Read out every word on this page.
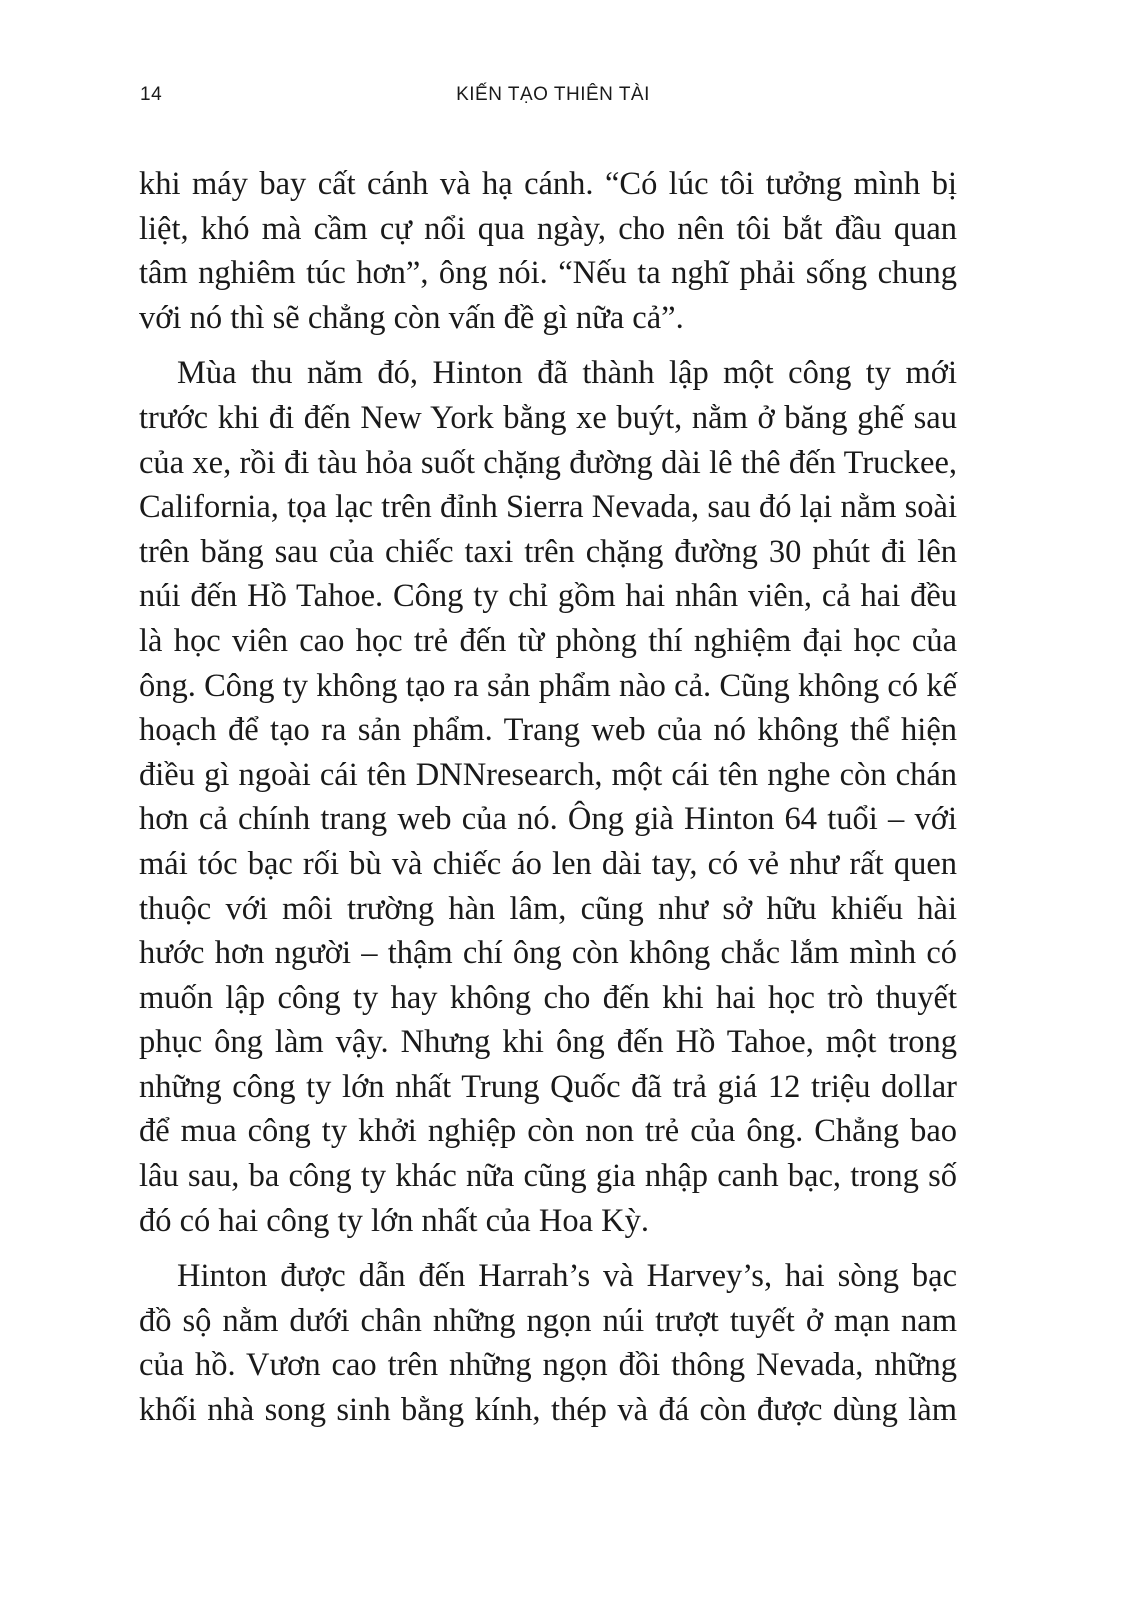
14	KIẾN TẠO THIÊN TÀI

khi máy bay cất cánh và hạ cánh. “Có lúc tôi tưởng mình bị
liệt, khó mà cầm cự nổi qua ngày, cho nên tôi bắt đầu quan
tâm nghiêm túc hơn”, ông nói. “Nếu ta nghĩ phải sống chung
với nó thì sẽ chẳng còn vấn đề gì nữa cả”.

Mùa thu năm đó, Hinton đã thành lập một công ty mới
trước khi đi đến New York bằng xe buýt, nằm ở băng ghế sau
của xe, rồi đi tàu hỏa suốt chặng đường dài lê thê đến Truckee,
California, tọa lạc trên đỉnh Sierra Nevada, sau đó lại nằm soài
trên băng sau của chiếc taxi trên chặng đường 30 phút đi lên
núi đến Hồ Tahoe. Công ty chỉ gồm hai nhân viên, cả hai đều
là học viên cao học trẻ đến từ phòng thí nghiệm đại học của
ông. Công ty không tạo ra sản phẩm nào cả. Cũng không có kế
hoạch để tạo ra sản phẩm. Trang web của nó không thể hiện
điều gì ngoài cái tên DNNresearch, một cái tên nghe còn chán
hơn cả chính trang web của nó. Ông già Hinton 64 tuổi – với
mái tóc bạc rối bù và chiếc áo len dài tay, có vẻ như rất quen
thuộc với môi trường hàn lâm, cũng như sở hữu khiếu hài
hước hơn người – thậm chí ông còn không chắc lắm mình có
muốn lập công ty hay không cho đến khi hai học trò thuyết
phục ông làm vậy. Nhưng khi ông đến Hồ Tahoe, một trong
những công ty lớn nhất Trung Quốc đã trả giá 12 triệu dollar
để mua công ty khởi nghiệp còn non trẻ của ông. Chẳng bao
lâu sau, ba công ty khác nữa cũng gia nhập canh bạc, trong số
đó có hai công ty lớn nhất của Hoa Kỳ.

Hinton được dẫn đến Harrah’s và Harvey’s, hai sòng bạc
đồ sộ nằm dưới chân những ngọn núi trượt tuyết ở mạn nam
của hồ. Vươn cao trên những ngọn đồi thông Nevada, những
khối nhà song sinh bằng kính, thép và đá còn được dùng làm
